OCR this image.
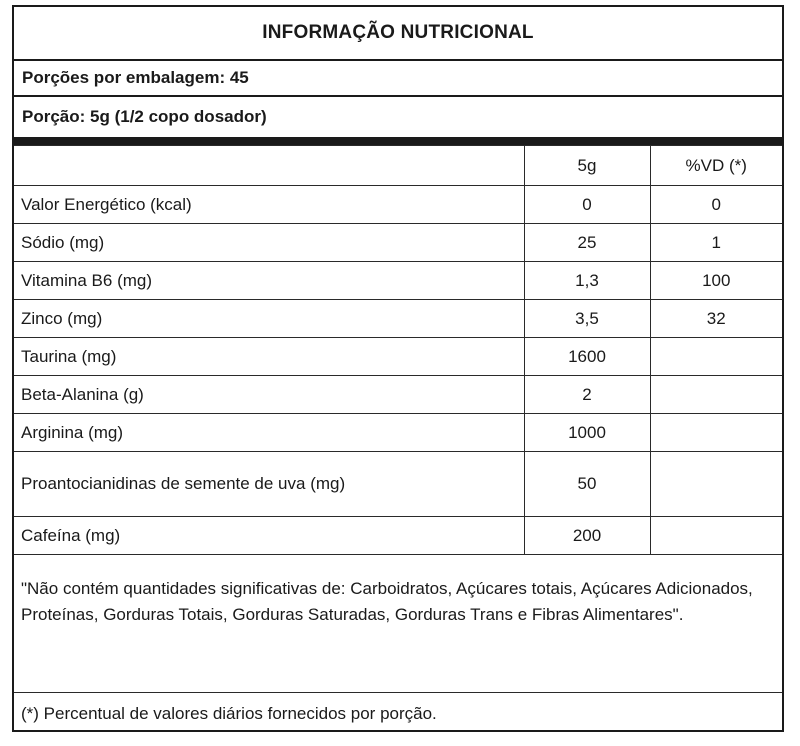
INFORMAÇÃO NUTRICIONAL
Porções por embalagem: 45
Porção: 5g (1/2 copo dosador)
	5g	%VD (*)
Valor Energético (kcal)	0	0
Sódio (mg)	25	1
Vitamina B6 (mg)	1,3	100
Zinco (mg)	3,5	32
Taurina (mg)	1600	
Beta-Alanina (g)	2	
Arginina (mg)	1000	
Proantocianidinas de semente de uva (mg)	50	
Cafeína (mg)	200	
"Não contém quantidades significativas de: Carboidratos, Açúcares totais, Açúcares Adicionados, Proteínas, Gorduras Totais, Gorduras Saturadas, Gorduras Trans e Fibras Alimentares".
(*) Percentual de valores diários fornecidos por porção.
